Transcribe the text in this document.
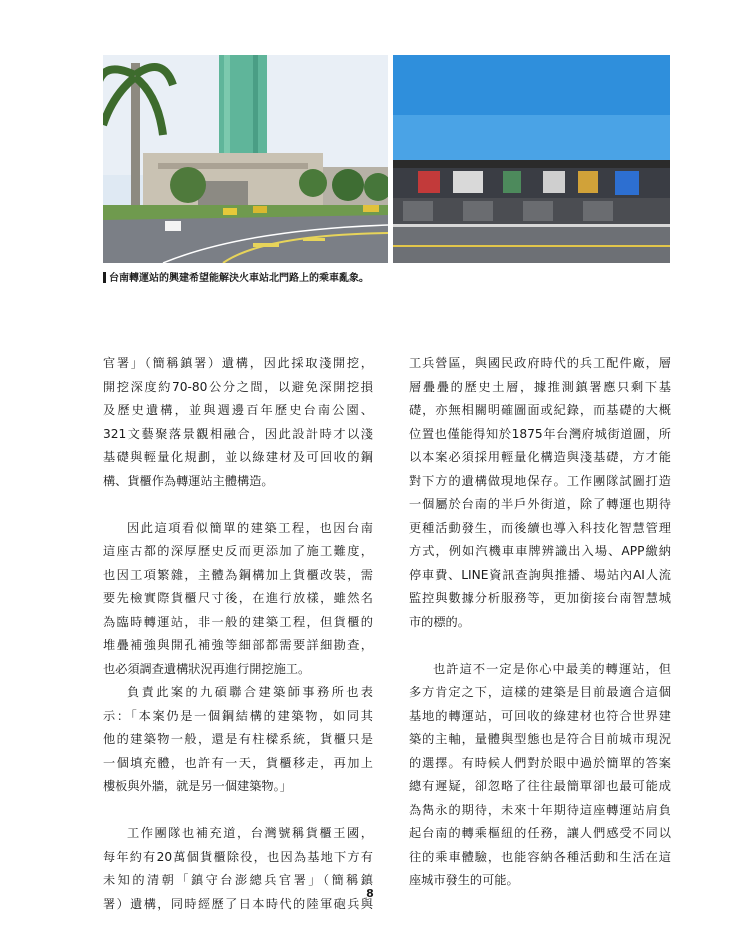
台南轉運站的興建希望能解決火車站北門路上的乘車亂象。
官署」（簡稱鎮署）遺構，因此採取淺開挖，
開挖深度約70-80公分之間，以避免深開挖損
及歷史遺構，並與週邊百年歷史台南公園、
321文藝聚落景觀相融合，因此設計時才以淺
基礎與輕量化規劃，並以綠建材及可回收的鋼
構、貨櫃作為轉運站主體構造。
因此這項看似簡單的建築工程，也因台南
這座古都的深厚歷史反而更添加了施工難度，
也因工項繁雜，主體為鋼構加上貨櫃改裝，需
要先檢實際貨櫃尺寸後，在進行放樣，雖然名
為臨時轉運站，非一般的建築工程，但貨櫃的
堆疊補強與開孔補強等細部都需要詳細勘查，
也必須調查遺構狀況再進行開挖施工。
負責此案的九碩聯合建築師事務所也表
示：「本案仍是一個鋼結構的建築物，如同其
他的建築物一般，還是有柱樑系統，貨櫃只是
一個填充體，也許有一天，貨櫃移走，再加上
樓板與外牆，就是另一個建築物。」
工作團隊也補充道，台灣號稱貨櫃王國，
每年約有20萬個貨櫃除役，也因為基地下方有
未知的清朝「鎮守台澎總兵官署」（簡稱鎮
署）遺構，同時經歷了日本時代的陸軍砲兵與
工兵營區，與國民政府時代的兵工配件廠，層
層疊疊的歷史土層，據推測鎮署應只剩下基
礎，亦無相關明確圖面或紀錄，而基礎的大概
位置也僅能得知於1875年台灣府城街道圖，所
以本案必須採用輕量化構造與淺基礎，方才能
對下方的遺構做現地保存。工作團隊試圖打造
一個屬於台南的半戶外街道，除了轉運也期待
更種活動發生，而後續也導入科技化智慧管理
方式，例如汽機車車牌辨識出入場、APP繳納
停車費、LINE資訊查詢與推播、場站內AI人流
監控與數據分析服務等，更加銜接台南智慧城
市的標的。
也許這不一定是你心中最美的轉運站，但
多方肯定之下，這樣的建築是目前最適合這個
基地的轉運站，可回收的綠建材也符合世界建
築的主軸，量體與型態也是符合目前城市現況
的選擇。有時候人們對於眼中過於簡單的答案
總有遲疑，卻忽略了往往最簡單卻也最可能成
為雋永的期待，未來十年期待這座轉運站肩負
起台南的轉乘樞紐的任務，讓人們感受不同以
往的乘車體驗，也能容納各種活動和生活在這
座城市發生的可能。
8
